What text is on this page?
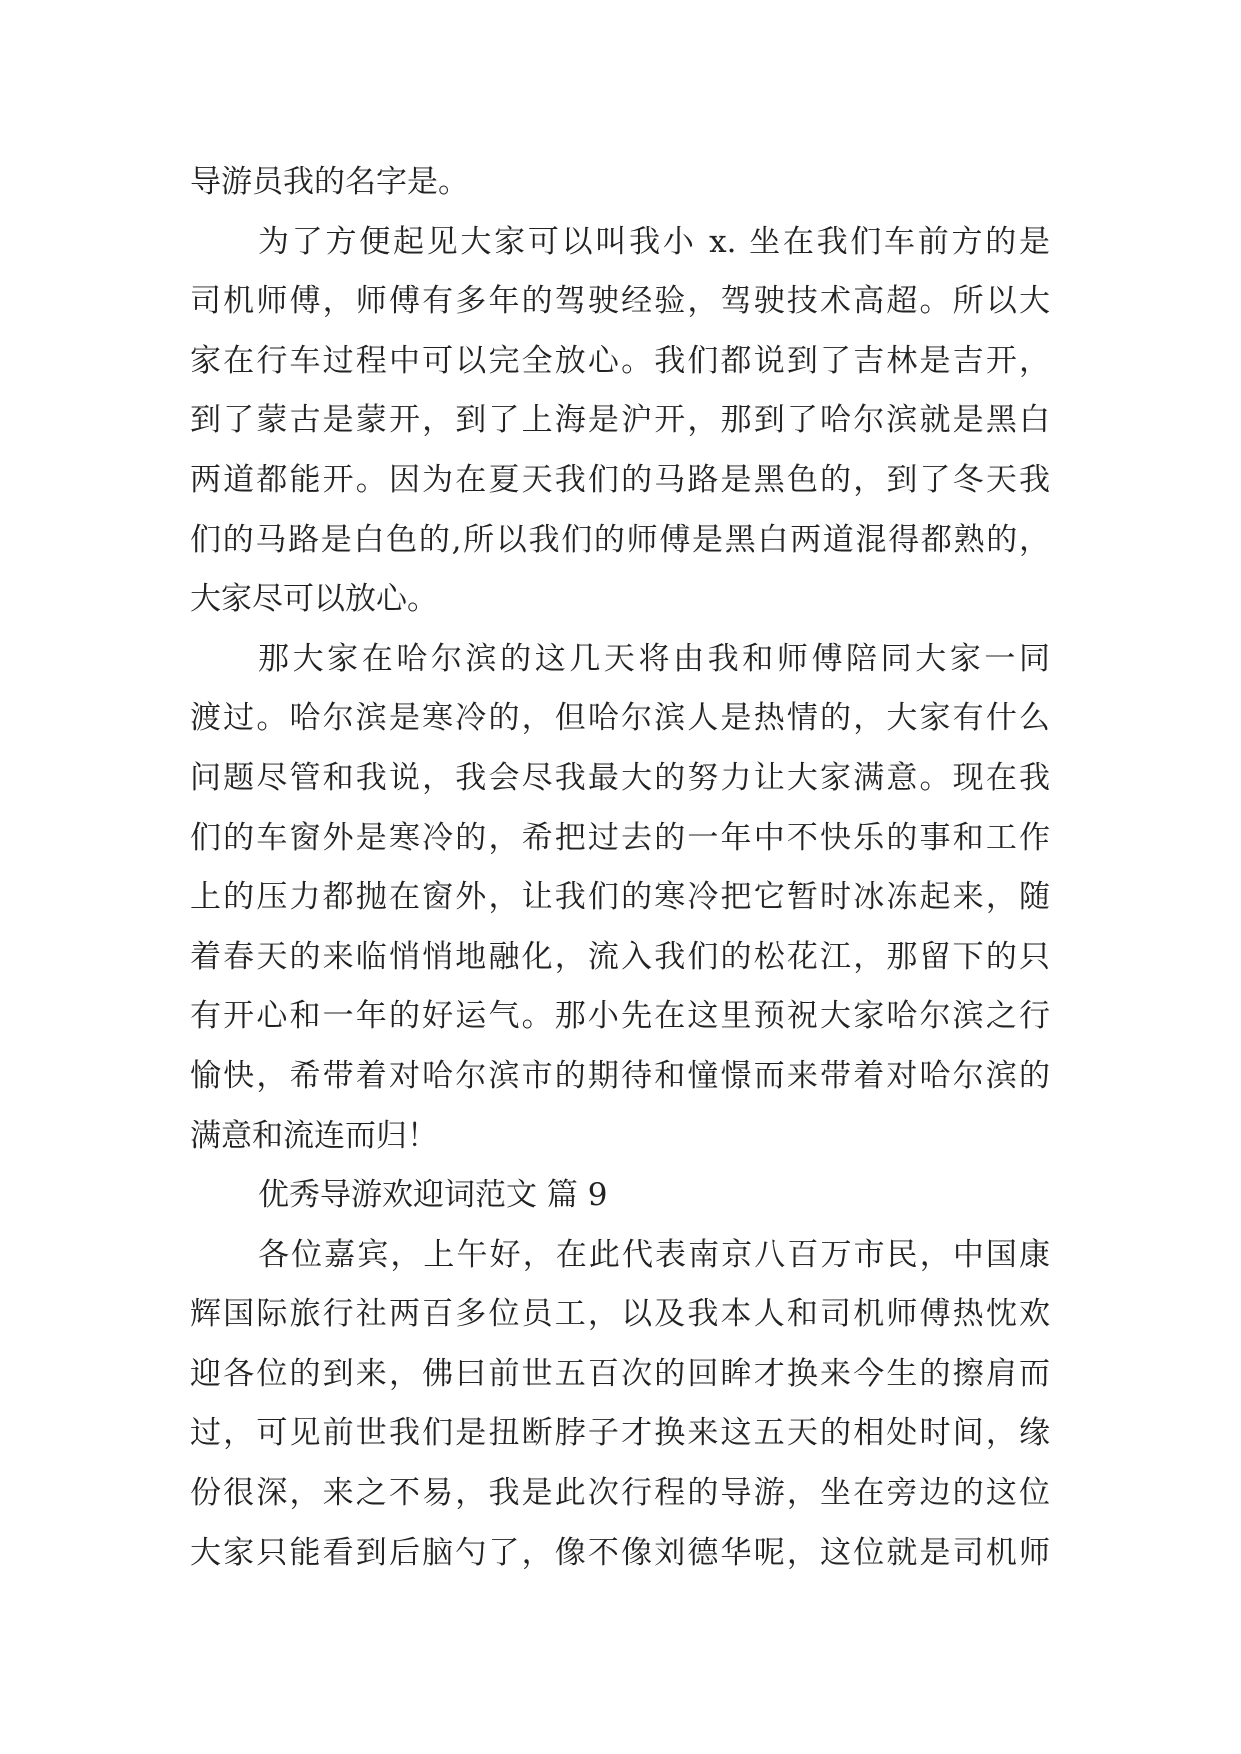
导游员我的名字是。
为了方便起见大家可以叫我小 x. 坐在我们车前方的是
司机师傅，师傅有多年的驾驶经验，驾驶技术高超。所以大
家在行车过程中可以完全放心。我们都说到了吉林是吉开，
到了蒙古是蒙开，到了上海是沪开，那到了哈尔滨就是黑白
两道都能开。因为在夏天我们的马路是黑色的，到了冬天我
们的马路是白色的,所以我们的师傅是黑白两道混得都熟的，
大家尽可以放心。
那大家在哈尔滨的这几天将由我和师傅陪同大家一同
渡过。哈尔滨是寒冷的，但哈尔滨人是热情的，大家有什么
问题尽管和我说，我会尽我最大的努力让大家满意。现在我
们的车窗外是寒冷的，希把过去的一年中不快乐的事和工作
上的压力都抛在窗外，让我们的寒冷把它暂时冰冻起来，随
着春天的来临悄悄地融化，流入我们的松花江，那留下的只
有开心和一年的好运气。那小先在这里预祝大家哈尔滨之行
愉快，希带着对哈尔滨市的期待和憧憬而来带着对哈尔滨的
满意和流连而归！
优秀导游欢迎词范文 篇 9
各位嘉宾，上午好，在此代表南京八百万市民，中国康
辉国际旅行社两百多位员工，以及我本人和司机师傅热忱欢
迎各位的到来，佛曰前世五百次的回眸才换来今生的擦肩而
过，可见前世我们是扭断脖子才换来这五天的相处时间，缘
份很深，来之不易，我是此次行程的导游，坐在旁边的这位
大家只能看到后脑勺了，像不像刘德华呢，这位就是司机师
